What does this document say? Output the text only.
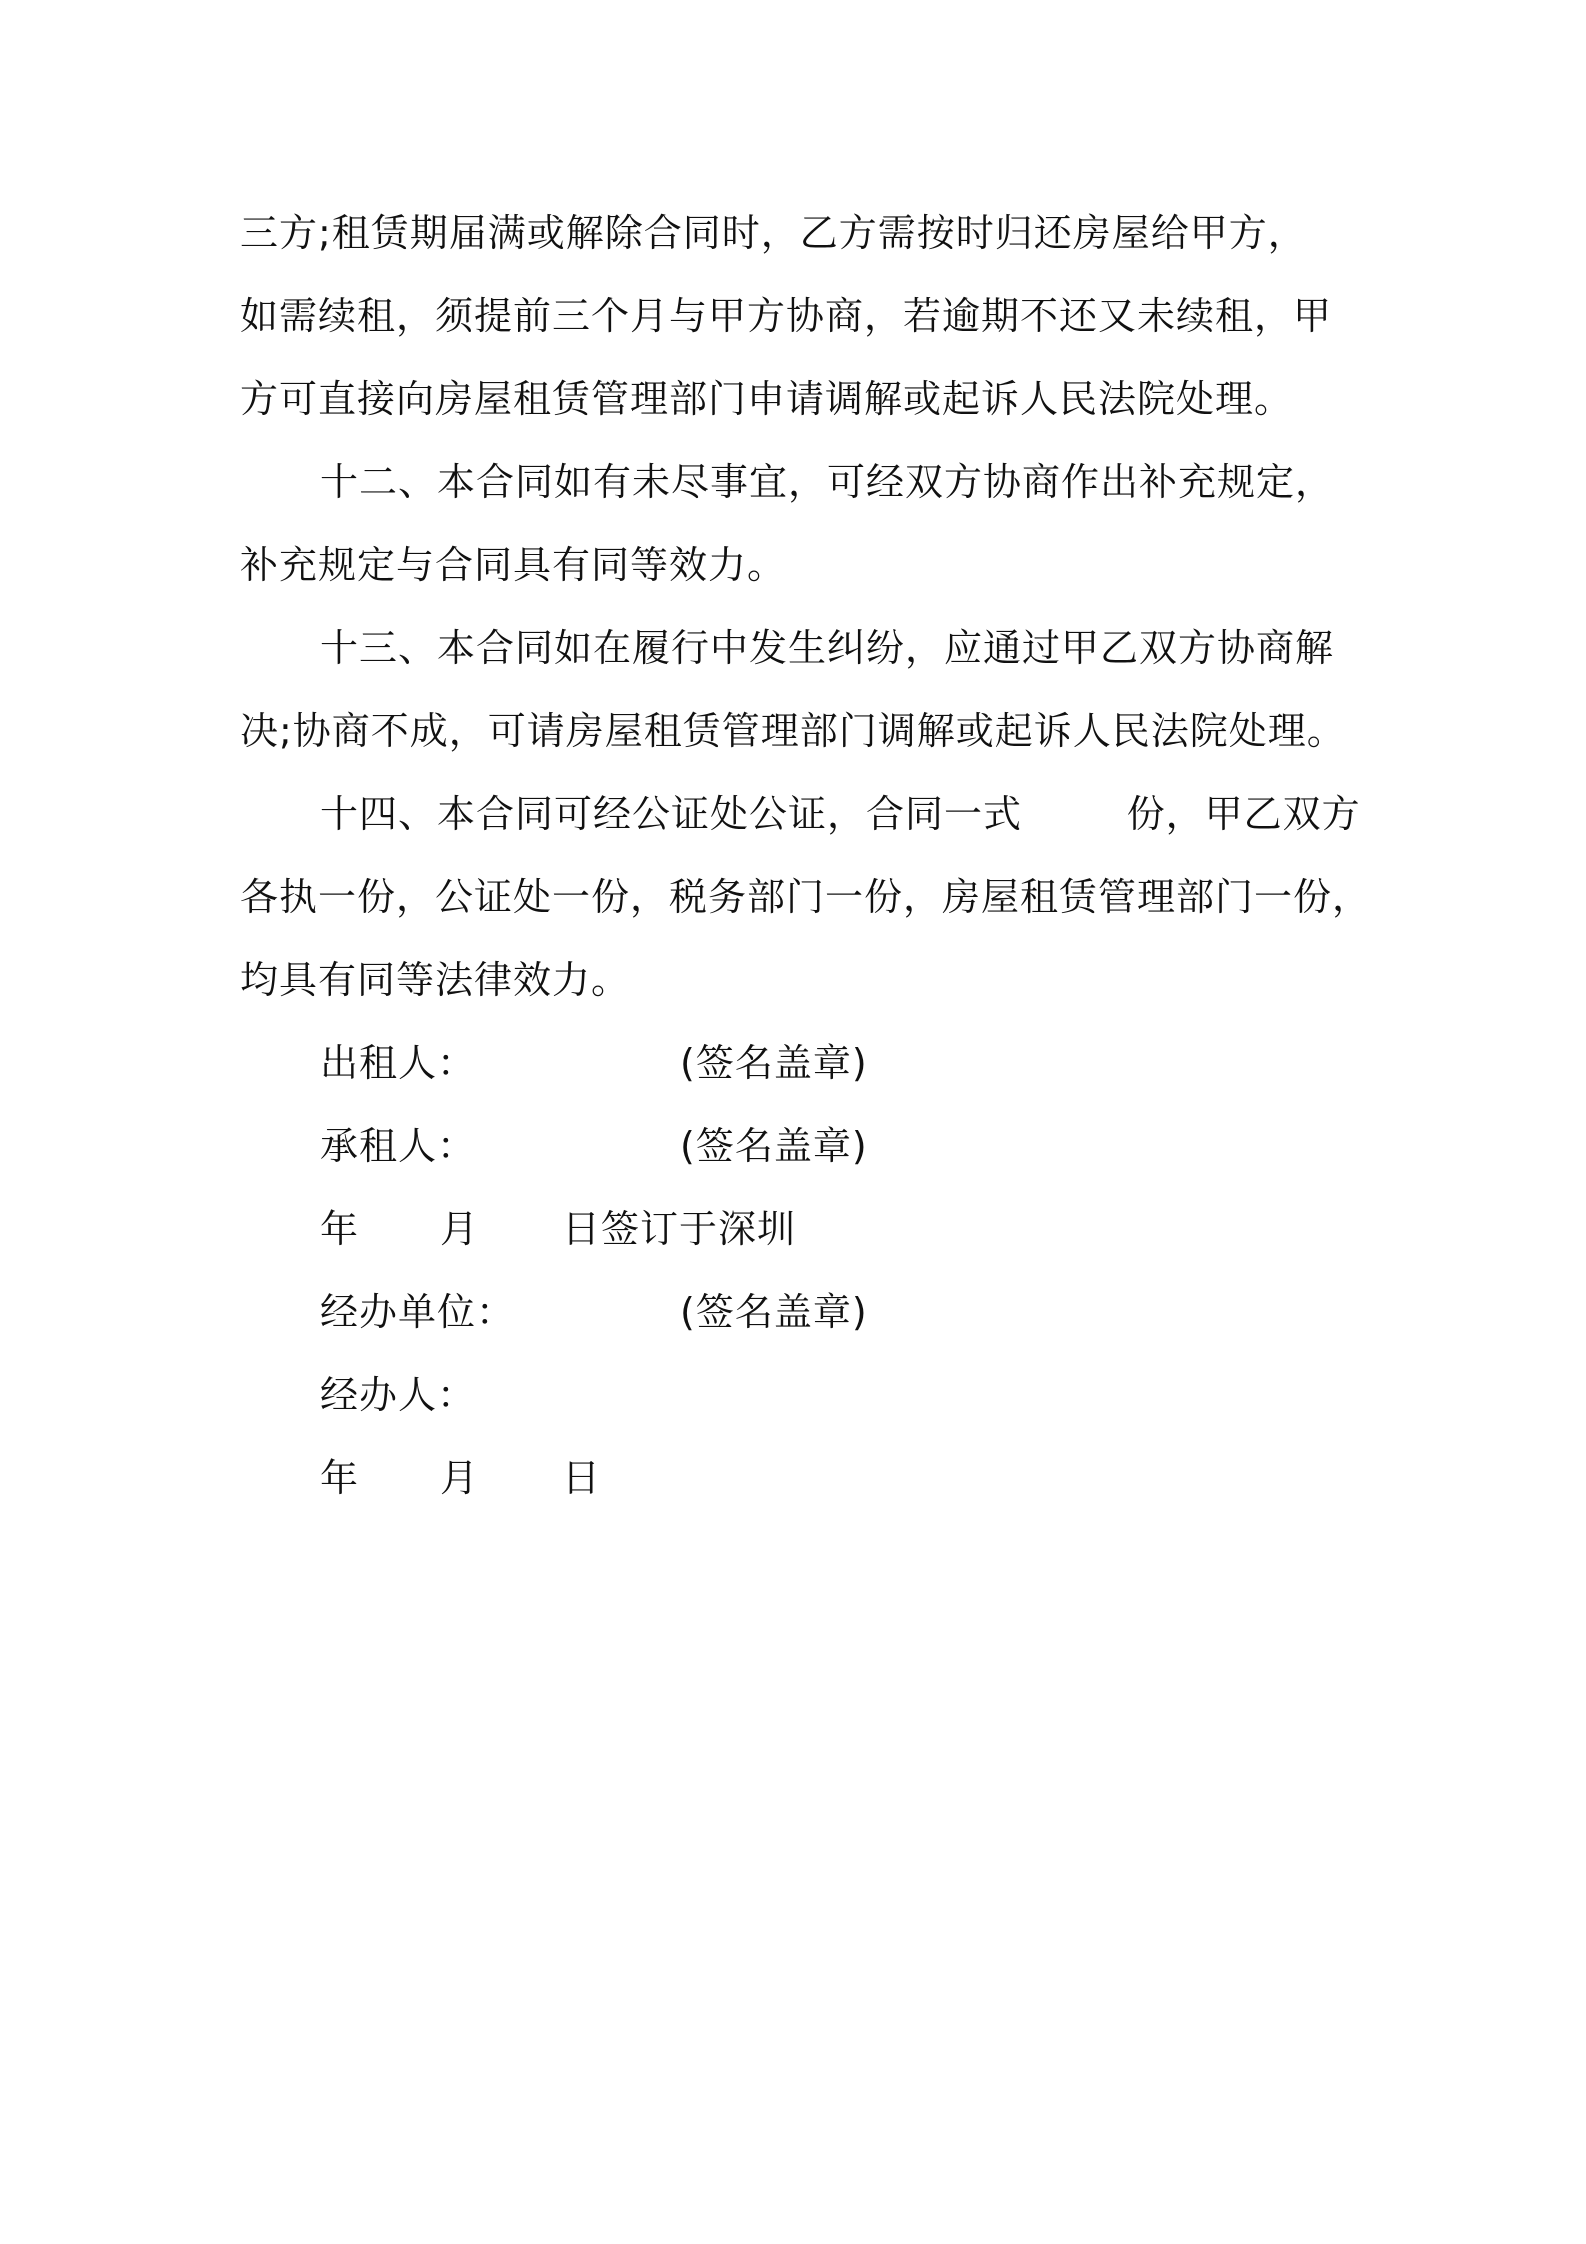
三方;租赁期届满或解除合同时，乙方需按时归还房屋给甲方，
如需续租，须提前三个月与甲方协商，若逾期不还又未续租，甲
方可直接向房屋租赁管理部门申请调解或起诉人民法院处理。
十二、本合同如有未尽事宜，可经双方协商作出补充规定，
补充规定与合同具有同等效力。
十三、本合同如在履行中发生纠纷，应通过甲乙双方协商解
决;协商不成，可请房屋租赁管理部门调解或起诉人民法院处理。
十四、本合同可经公证处公证，合同一式        份，甲乙双方
各执一份，公证处一份，税务部门一份，房屋租赁管理部门一份，
均具有同等法律效力。

出租人：

	(签名盖章)

承租人：

	(签名盖章)

年

月

日签订于深圳

经办单位：

	(签名盖章)

经办人：

年

月

日
